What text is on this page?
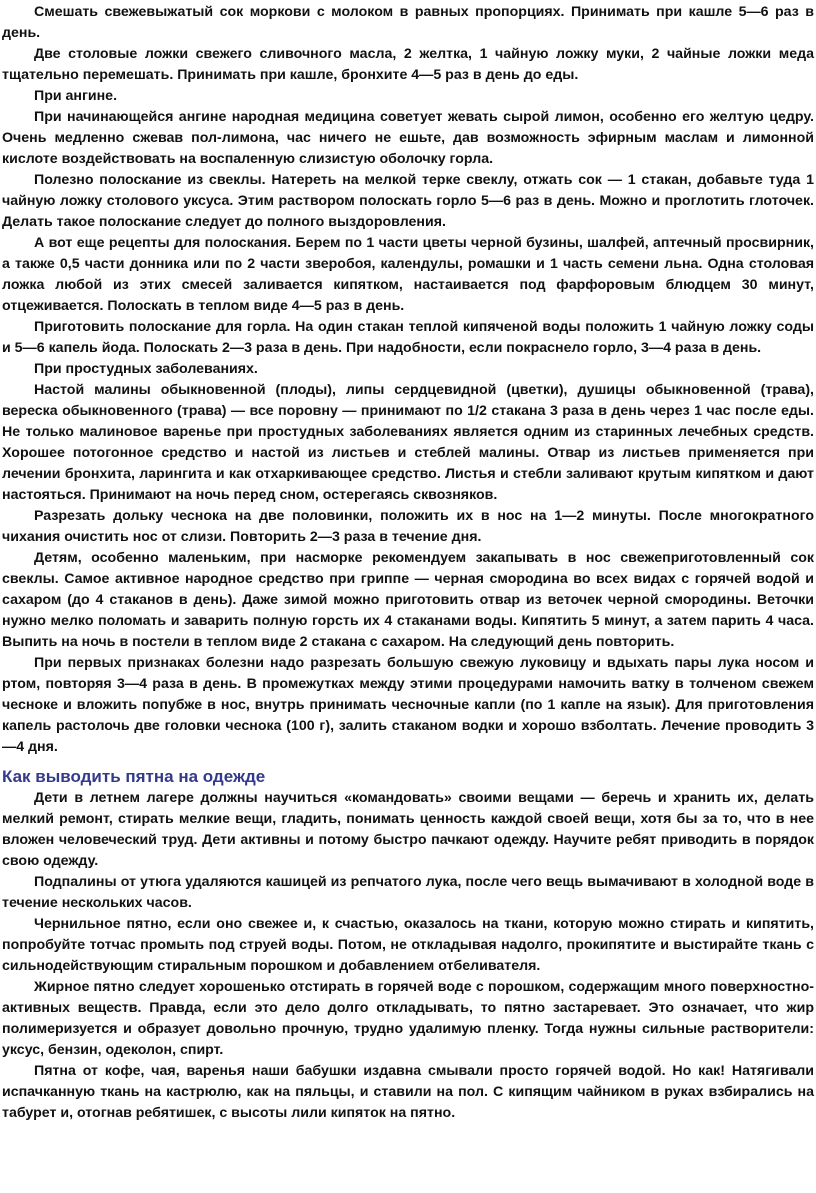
Смешать свежевыжатый сок моркови с молоком в равных пропорциях. Принимать при кашле 5—6 раз в день.

Две столовые ложки свежего сливочного масла, 2 желтка, 1 чайную ложку муки, 2 чайные ложки меда тщательно перемешать. Принимать при кашле, бронхите 4—5 раз в день до еды.

При ангине.

При начинающейся ангине народная медицина советует жевать сырой лимон, особенно его желтую цедру. Очень медленно сжевав пол-лимона, час ничего не ешьте, дав возможность эфирным маслам и лимонной кислоте воздействовать на воспаленную слизистую оболочку горла.

Полезно полоскание из свеклы. Натереть на мелкой терке свеклу, отжать сок — 1 стакан, добавьте туда 1 чайную ложку столового уксуса. Этим раствором полоскать горло 5—6 раз в день. Можно и проглотить глоточек. Делать такое полоскание следует до полного выздоровления.

А вот еще рецепты для полоскания. Берем по 1 части цветы черной бузины, шалфей, аптечный просвирник, а также 0,5 части донника или по 2 части зверобоя, календулы, ромашки и 1 часть семени льна. Одна столовая ложка любой из этих смесей заливается кипятком, настаивается под фарфоровым блюдцем 30 минут, отцеживается. Полоскать в теплом виде 4—5 раз в день.

Приготовить полоскание для горла. На один стакан теплой кипяченой воды положить 1 чайную ложку соды и 5—6 капель йода. Полоскать 2—3 раза в день. При надобности, если покраснело горло, 3—4 раза в день.

При простудных заболеваниях.

Настой малины обыкновенной (плоды), липы сердцевидной (цветки), душицы обыкновенной (трава), вереска обыкновенного (трава) — все поровну — принимают по 1/2 стакана 3 раза в день через 1 час после еды. Не только малиновое варенье при простудных заболеваниях является одним из старинных лечебных средств. Хорошее потогонное средство и настой из листьев и стеблей малины. Отвар из листьев применяется при лечении бронхита, ларингита и как отхаркивающее средство. Листья и стебли заливают крутым кипятком и дают настояться. Принимают на ночь перед сном, остерегаясь сквозняков.

Разрезать дольку чеснока на две половинки, положить их в нос на 1—2 минуты. После многократного чихания очистить нос от слизи. Повторить 2—3 раза в течение дня.

Детям, особенно маленьким, при насморке рекомендуем закапывать в нос свежеприготовленный сок свеклы. Самое активное народное средство при гриппе — черная смородина во всех видах с горячей водой и сахаром (до 4 стаканов в день). Даже зимой можно приготовить отвар из веточек черной смородины. Веточки нужно мелко поломать и заварить полную горсть их 4 стаканами воды. Кипятить 5 минут, а затем парить 4 часа. Выпить на ночь в постели в теплом виде 2 стакана с сахаром. На следующий день повторить.

При первых признаках болезни надо разрезать большую свежую луковицу и вдыхать пары лука носом и ртом, повторяя 3—4 раза в день. В промежутках между этими процедурами намочить ватку в толченом свежем чесноке и вложить попубже в нос, внутрь принимать чесночные капли (по 1 капле на язык). Для приготовления капель растолочь две головки чеснока (100 г), залить стаканом водки и хорошо взболтать. Лечение проводить 3—4 дня.

Как выводить пятна на одежде

Дети в летнем лагере должны научиться «командовать» своими вещами — беречь и хранить их, делать мелкий ремонт, стирать мелкие вещи, гладить, понимать ценность каждой своей вещи, хотя бы за то, что в нее вложен человеческий труд. Дети активны и потому быстро пачкают одежду. Научите ребят приводить в порядок свою одежду.

Подпалины от утюга удаляются кашицей из репчатого лука, после чего вещь вымачивают в холодной воде в течение нескольких часов.

Чернильное пятно, если оно свежее и, к счастью, оказалось на ткани, которую можно стирать и кипятить, попробуйте тотчас промыть под струей воды. Потом, не откладывая надолго, прокипятите и выстирайте ткань с сильнодействующим стиральным порошком и добавлением отбеливателя.

Жирное пятно следует хорошенько отстирать в горячей воде с порошком, содержащим много поверхностно-активных веществ. Правда, если это дело долго откладывать, то пятно застаревает. Это означает, что жир полимеризуется и образует довольно прочную, трудно удалимую пленку. Тогда нужны сильные растворители: уксус, бензин, одеколон, спирт.

Пятна от кофе, чая, варенья наши бабушки издавна смывали просто горячей водой. Но как! Натягивали испачканную ткань на кастрюлю, как на пяльцы, и ставили на пол. С кипящим чайником в руках взбирались на табурет и, отогнав ребятишек, с высоты лили кипяток на пятно.
